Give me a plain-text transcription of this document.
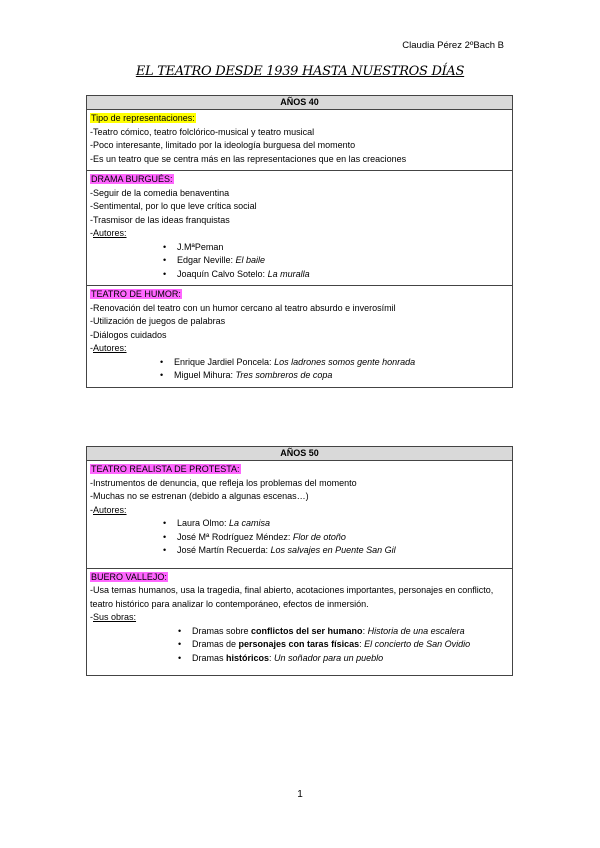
Claudia Pérez 2ºBach B
EL TEATRO DESDE 1939 HASTA NUESTROS DÍAS
AÑOS 40
Tipo de representaciones:
-Teatro cómico, teatro folclórico-musical y teatro musical
-Poco interesante, limitado por la ideología burguesa del momento
-Es un teatro que se centra más en las representaciones que en las creaciones
DRAMA BURGUÉS:
-Seguir de la comedia benaventina
-Sentimental, por lo que leve crítica social
-Trasmisor de las ideas franquistas
-Autores:
• J.MªPeman
• Edgar Neville: El baile
• Joaquín Calvo Sotelo: La muralla
TEATRO DE HUMOR:
-Renovación del teatro con un humor cercano al teatro absurdo e inverosímil
-Utilización de juegos de palabras
-Diálogos cuidados
-Autores:
• Enrique Jardiel Poncela: Los ladrones somos gente honrada
• Miguel Mihura: Tres sombreros de copa
AÑOS 50
TEATRO REALISTA DE PROTESTA:
-Instrumentos de denuncia, que refleja los problemas del momento
-Muchas no se estrenan (debido a algunas escenas…)
-Autores:
• Laura Olmo: La camisa
• José Mª Rodríguez Méndez: Flor de otoño
• José Martín Recuerda: Los salvajes en Puente San Gil
BUERO VALLEJO:
-Usa temas humanos, usa la tragedia, final abierto, acotaciones importantes, personajes en conflicto, teatro histórico para analizar lo contemporáneo, efectos de inmersión.
-Sus obras:
• Dramas sobre conflictos del ser humano: Historia de una escalera
• Dramas de personajes con taras físicas: El concierto de San Ovidio
• Dramas históricos: Un soñador para un pueblo
1
